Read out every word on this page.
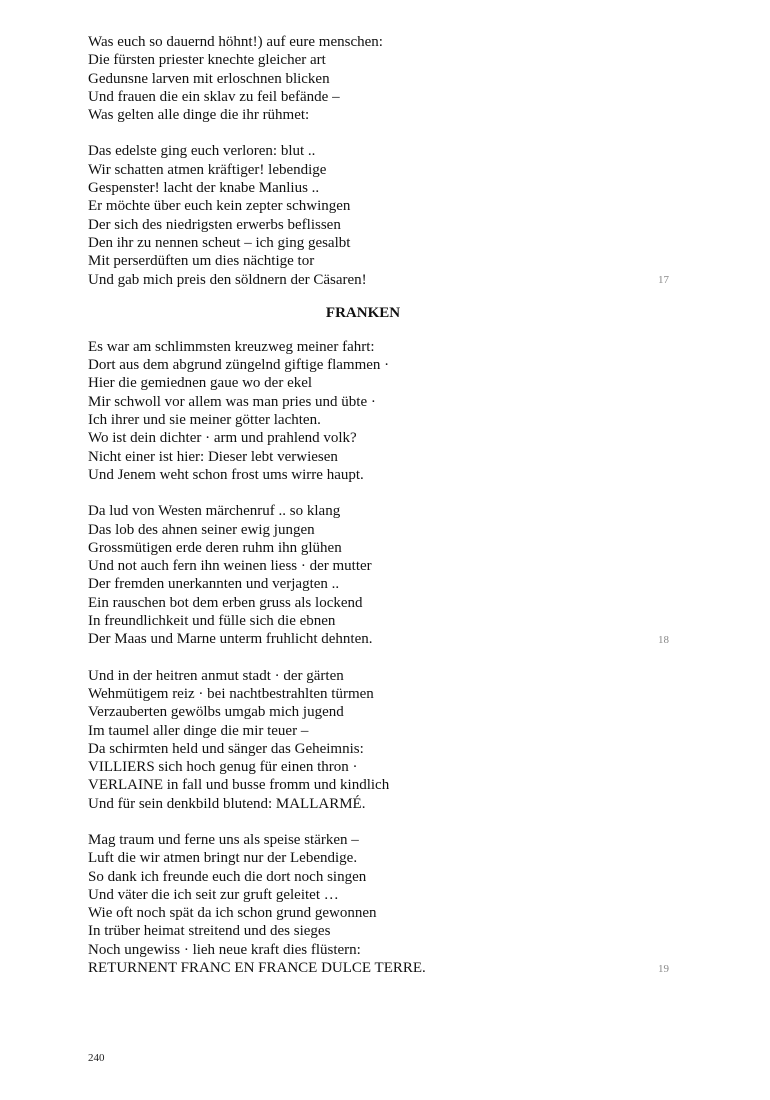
Was euch so dauernd höhnt!) auf eure menschen:
Die fürsten priester knechte gleicher art
Gedunsne larven mit erloschnen blicken
Und frauen die ein sklav zu feil befände –
Was gelten alle dinge die ihr rühmet:
Das edelste ging euch verloren: blut ..
Wir schatten atmen kräftiger! lebendige
Gespenster! lacht der knabe Manlius ..
Er möchte über euch kein zepter schwingen
Der sich des niedrigsten erwerbs beflissen
Den ihr zu nennen scheut – ich ging gesalbt
Mit perserdüften um dies nächtige tor
Und gab mich preis den söldnern der Cäsaren!	17
FRANKEN
Es war am schlimmsten kreuzweg meiner fahrt:
Dort aus dem abgrund züngelnd giftige flammen ·
Hier die gemiednen gaue wo der ekel
Mir schwoll vor allem was man pries und übte ·
Ich ihrer und sie meiner götter lachten.
Wo ist dein dichter · arm und prahlend volk?
Nicht einer ist hier: Dieser lebt verwiesen
Und Jenem weht schon frost ums wirre haupt.
Da lud von Westen märchenruf .. so klang
Das lob des ahnen seiner ewig jungen
Grossmütigen erde deren ruhm ihn glühen
Und not auch fern ihn weinen liess · der mutter
Der fremden unerkannten und verjagten ..
Ein rauschen bot dem erben gruss als lockend
In freundlichkeit und fülle sich die ebnen
Der Maas und Marne unterm fruhlicht dehnten.	18
Und in der heitren anmut stadt · der gärten
Wehmütigem reiz · bei nachtbestrahlten türmen
Verzauberten gewölbs umgab mich jugend
Im taumel aller dinge die mir teuer –
Da schirmten held und sänger das Geheimnis:
VILLIERS sich hoch genug für einen thron ·
VERLAINE in fall und busse fromm und kindlich
Und für sein denkbild blutend: MALLARMÉ.
Mag traum und ferne uns als speise stärken –
Luft die wir atmen bringt nur der Lebendige.
So dank ich freunde euch die dort noch singen
Und väter die ich seit zur gruft geleitet …
Wie oft noch spät da ich schon grund gewonnen
In trüber heimat streitend und des sieges
Noch ungewiss · lieh neue kraft dies flüstern:
RETURNENT FRANC EN FRANCE DULCE TERRE.	19
240
